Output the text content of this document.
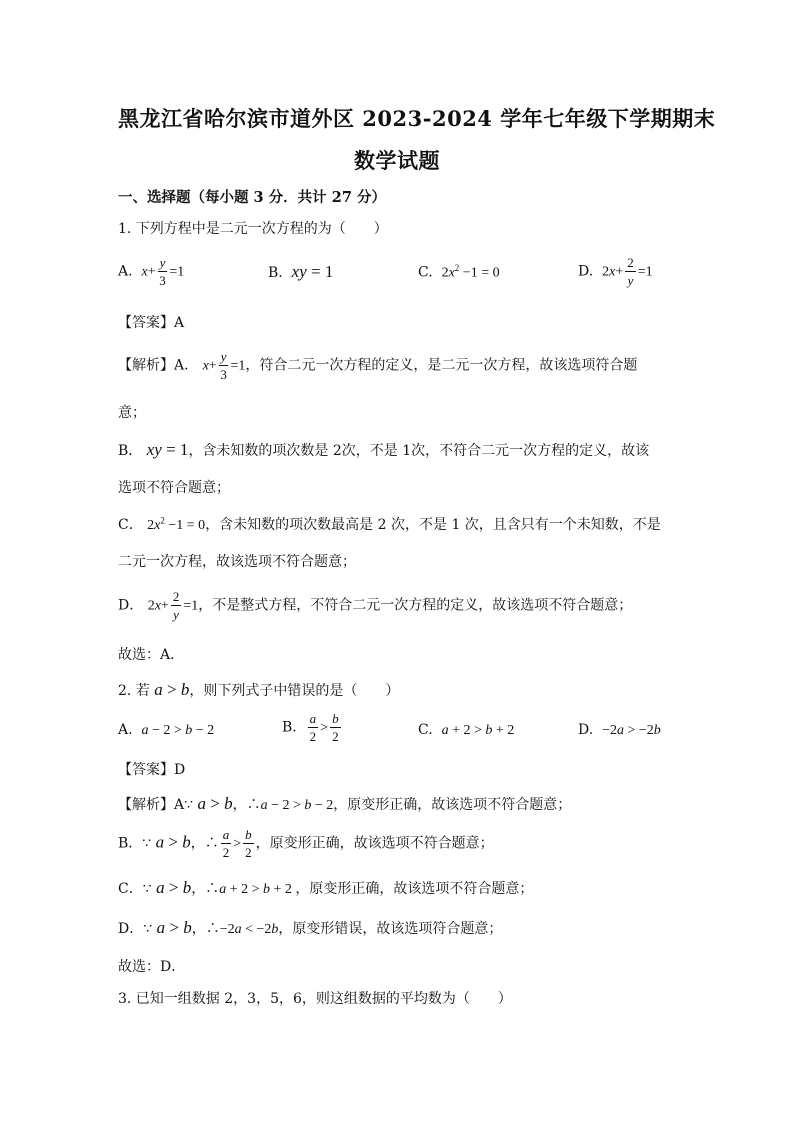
黑龙江省哈尔滨市道外区 2023-2024 学年七年级下学期期末
数学试题
一、选择题（每小题 3 分．共计 27 分）
1. 下列方程中是二元一次方程的为（　　）
A. $x+ \frac{y}{3} =1$	B. xy = 1	C. $2x^2 -1 = 0$	D. $2x+ \frac{2}{y} =1$
【答案】A
【解析】A． $x+ \frac{y}{3} =1$，符合二元一次方程的定义，是二元一次方程，故该选项符合题
意；
B． xy = 1，含未知数的项次数是 2次，不是 1次，不符合二元一次方程的定义，故该
选项不符合题意；
C． $2x^2 -1 = 0$，含未知数的项次数最高是 2 次，不是 1 次，且含只有一个未知数，不是
二元一次方程，故该选项不符合题意；
D． $2x+ \frac{2}{y} =1$，不是整式方程，不符合二元一次方程的定义，故该选项不符合题意；
故选：A．
2. 若 a > b，则下列式子中错误的是（　　）
A. a − 2 > b − 2	B. $\frac{a}{2} > \frac{b}{2}$	C. a + 2 > b + 2	D. −2a > −2b
【答案】D
【解析】A∵ a > b，∴a − 2 > b − 2，原变形正确，故该选项不符合题意；
B．∵ a > b，∴ $\frac{a}{2} > \frac{b}{2}$ ，原变形正确，故该选项不符合题意；
C．∵ a > b，∴a + 2 > b + 2 ，原变形正确，故该选项不符合题意；
D．∵ a > b，∴−2a < −2b，原变形错误，故该选项符合题意；
故选：D．
3. 已知一组数据 2，3，5，6，则这组数据的平均数为（　　）
